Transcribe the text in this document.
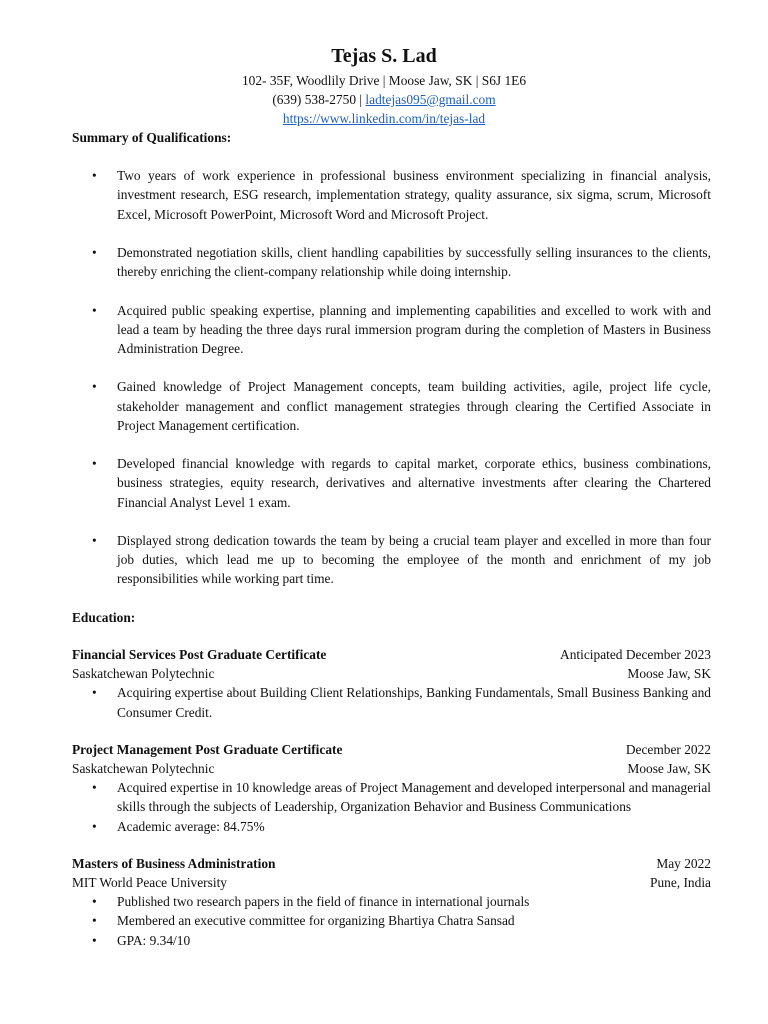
Tejas S. Lad
102- 35F, Woodlily Drive | Moose Jaw, SK | S6J 1E6
(639) 538-2750 | ladtejas095@gmail.com
https://www.linkedin.com/in/tejas-lad
Summary of Qualifications:
• Two years of work experience in professional business environment specializing in financial analysis, investment research, ESG research, implementation strategy, quality assurance, six sigma, scrum, Microsoft Excel, Microsoft PowerPoint, Microsoft Word and Microsoft Project.
• Demonstrated negotiation skills, client handling capabilities by successfully selling insurances to the clients, thereby enriching the client-company relationship while doing internship.
• Acquired public speaking expertise, planning and implementing capabilities and excelled to work with and lead a team by heading the three days rural immersion program during the completion of Masters in Business Administration Degree.
• Gained knowledge of Project Management concepts, team building activities, agile, project life cycle, stakeholder management and conflict management strategies through clearing the Certified Associate in Project Management certification.
• Developed financial knowledge with regards to capital market, corporate ethics, business combinations, business strategies, equity research, derivatives and alternative investments after clearing the Chartered Financial Analyst Level 1 exam.
• Displayed strong dedication towards the team by being a crucial team player and excelled in more than four job duties, which lead me up to becoming the employee of the month and enrichment of my job responsibilities while working part time.
Education:
Financial Services Post Graduate Certificate	Anticipated December 2023
Saskatchewan Polytechnic	Moose Jaw, SK
• Acquiring expertise about Building Client Relationships, Banking Fundamentals, Small Business Banking and Consumer Credit.
Project Management Post Graduate Certificate	December 2022
Saskatchewan Polytechnic	Moose Jaw, SK
• Acquired expertise in 10 knowledge areas of Project Management and developed interpersonal and managerial skills through the subjects of Leadership, Organization Behavior and Business Communications
• Academic average: 84.75%
Masters of Business Administration	May 2022
MIT World Peace University	Pune, India
• Published two research papers in the field of finance in international journals
• Membered an executive committee for organizing Bhartiya Chatra Sansad
• GPA: 9.34/10
